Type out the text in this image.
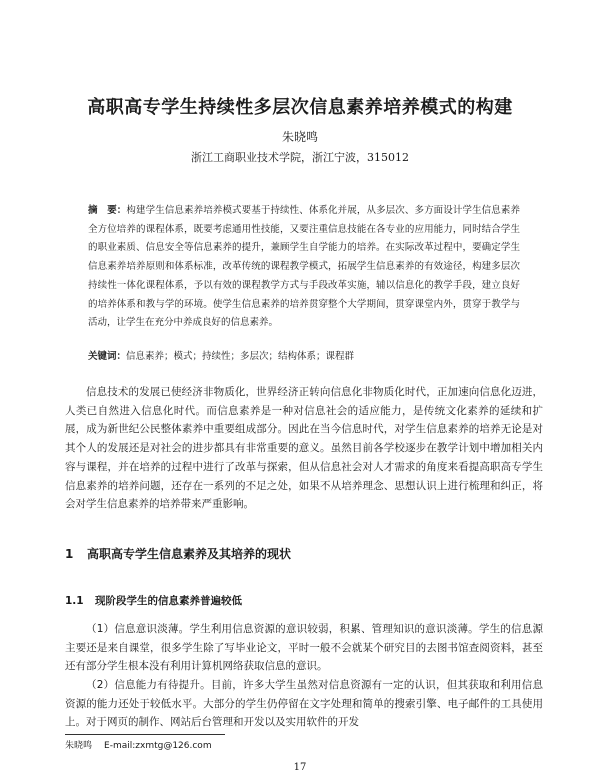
高职高专学生持续性多层次信息素养培养模式的构建
朱晓鸣
浙江工商职业技术学院，浙江宁波，315012
摘　要：构建学生信息素养培养模式要基于持续性、体系化并展，从多层次、多方面设计学生信息素养全方位培养的课程体系，既要考虑通用性技能，又要注重信息技能在各专业的应用能力，同时结合学生的职业素质、信息安全等信息素养的提升，兼顾学生自学能力的培养。在实际改革过程中，要确定学生信息素养培养原则和体系标准，改革传统的课程教学模式，拓展学生信息素养的有效途径，构建多层次持续性一体化课程体系，予以有效的课程教学方式与手段改革实施，辅以信息化的教学手段，建立良好的培养体系和教与学的环境。使学生信息素养的培养贯穿整个大学期间，贯穿课堂内外，贯穿于教学与活动，让学生在充分中养成良好的信息素养。
关键词：信息素养；模式；持续性；多层次；结构体系；课程群
信息技术的发展已使经济非物质化，世界经济正转向信息化非物质化时代，正加速向信息化迈进，人类已自然进入信息化时代。而信息素养是一种对信息社会的适应能力，是传统文化素养的延续和扩展，成为新世纪公民整体素养中重要组成部分。因此在当今信息时代，对学生信息素养的培养无论是对其个人的发展还是对社会的进步都具有非常重要的意义。虽然目前各学校逐步在教学计划中增加相关内容与课程，并在培养的过程中进行了改革与探索，但从信息社会对人才需求的角度来看提高职高专学生信息素养的培养问题，还存在一系列的不足之处，如果不从培养理念、思想认识上进行梳理和纠正，将会对学生信息素养的培养带来严重影响。
1 高职高专学生信息素养及其培养的现状
1.1 现阶段学生的信息素养普遍较低
（1）信息意识淡薄。学生利用信息资源的意识较弱，积累、管理知识的意识淡薄。学生的信息源主要还是来自课堂，很多学生除了写毕业论文，平时一般不会就某个研究目的去图书馆查阅资料，甚至还有部分学生根本没有利用计算机网络获取信息的意识。
（2）信息能力有待提升。目前，许多大学生虽然对信息资源有一定的认识，但其获取和利用信息资源的能力还处于较低水平。大部分的学生仍停留在文字处理和简单的搜索引擎、电子邮件的工具使用上。对于网页的制作、网站后台管理和开发以及实用软件的开发
朱晓鸣 E-mail:zxmtg@126.com
17
